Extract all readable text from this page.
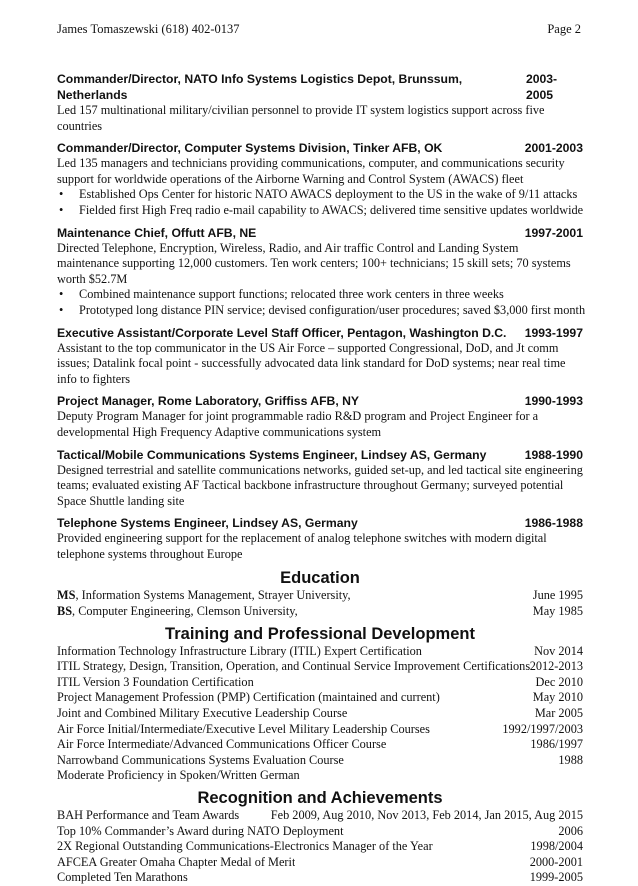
James Tomaszewski (618) 402-0137	Page 2
Commander/Director, NATO Info Systems Logistics Depot, Brunssum, Netherlands
2003-2005
Led 157 multinational military/civilian personnel to provide IT system logistics support across five countries
Commander/Director, Computer Systems Division, Tinker AFB, OK	2001-2003
Led 135 managers and technicians providing communications, computer, and communications security support for worldwide operations of the Airborne Warning and Control System (AWACS) fleet
• Established Ops Center for historic NATO AWACS deployment to the US in the wake of 9/11 attacks
• Fielded first High Freq radio e-mail capability to AWACS; delivered time sensitive updates worldwide
Maintenance Chief, Offutt AFB, NE	1997-2001
Directed Telephone, Encryption, Wireless, Radio, and Air traffic Control and Landing System maintenance supporting 12,000 customers. Ten work centers; 100+ technicians; 15 skill sets; 70 systems worth $52.7M
• Combined maintenance support functions; relocated three work centers in three weeks
• Prototyped long distance PIN service; devised configuration/user procedures; saved $3,000 first month
Executive Assistant/Corporate Level Staff Officer, Pentagon, Washington D.C. 1993-1997
Assistant to the top communicator in the US Air Force – supported Congressional, DoD, and Jt comm issues; Datalink focal point - successfully advocated data link standard for DoD systems; near real time info to fighters
Project Manager, Rome Laboratory, Griffiss AFB, NY	1990-1993
Deputy Program Manager for joint programmable radio R&D program and Project Engineer for a developmental High Frequency Adaptive communications system
Tactical/Mobile Communications Systems Engineer, Lindsey AS, Germany	1988-1990
Designed terrestrial and satellite communications networks, guided set-up, and led tactical site engineering teams; evaluated existing AF Tactical backbone infrastructure throughout Germany; surveyed potential Space Shuttle landing site
Telephone Systems Engineer, Lindsey AS, Germany	1986-1988
Provided engineering support for the replacement of analog telephone switches with modern digital telephone systems throughout Europe
Education
MS, Information Systems Management, Strayer University,	June 1995
BS, Computer Engineering, Clemson University,	May 1985
Training and Professional Development
Information Technology Infrastructure Library (ITIL) Expert Certification	Nov 2014
ITIL Strategy, Design, Transition, Operation, and Continual Service Improvement Certifications 2012-2013
ITIL Version 3 Foundation Certification	Dec 2010
Project Management Profession (PMP) Certification (maintained and current)	May 2010
Joint and Combined Military Executive Leadership Course	Mar 2005
Air Force Initial/Intermediate/Executive Level Military Leadership Courses	1992/1997/2003
Air Force Intermediate/Advanced Communications Officer Course	1986/1997
Narrowband Communications Systems Evaluation Course	1988
Moderate Proficiency in Spoken/Written German
Recognition and Achievements
BAH Performance and Team Awards	Feb 2009, Aug 2010, Nov 2013, Feb 2014, Jan 2015, Aug 2015
Top 10% Commander’s Award during NATO Deployment	2006
2X Regional Outstanding Communications-Electronics Manager of the Year	1998/2004
AFCEA Greater Omaha Chapter Medal of Merit	2000-2001
Completed Ten Marathons	1999-2005
